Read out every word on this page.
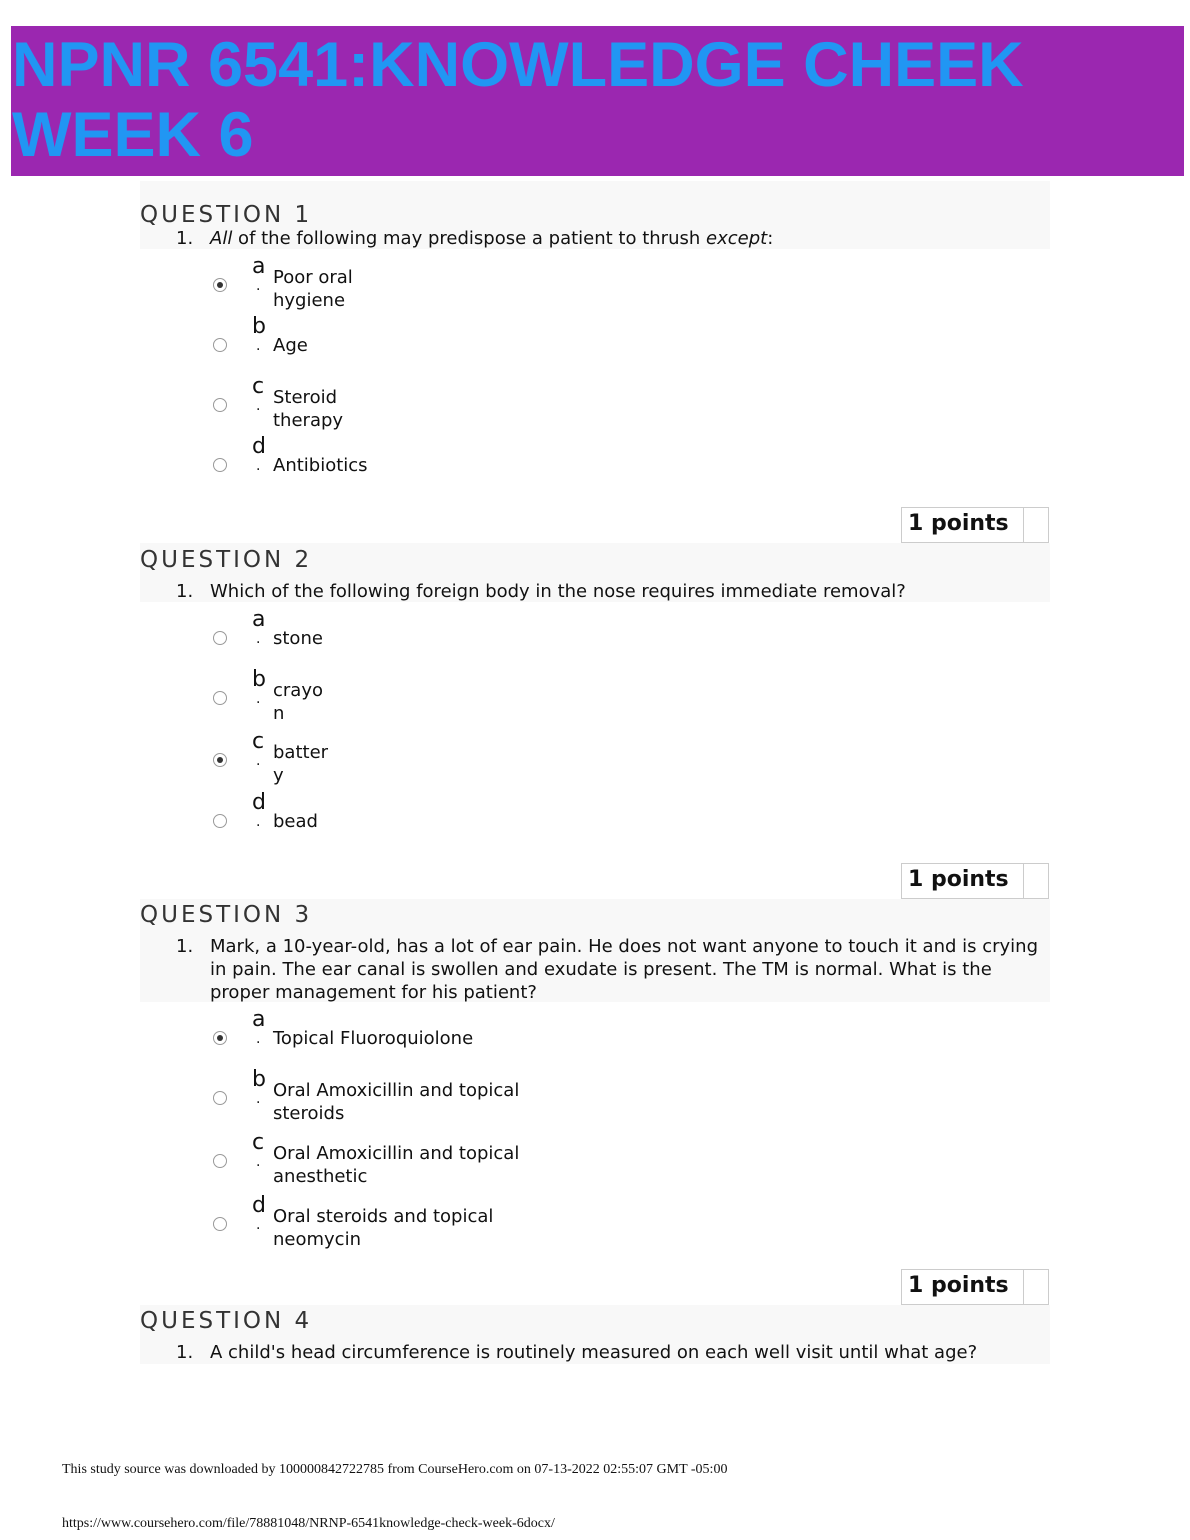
NPNR 6541:KNOWLEDGE CHEEK WEEK 6
QUESTION 1
1. All of the following may predispose a patient to thrush except:
a
. Poor oral
hygiene
b
. Age
c
. Steroid
therapy
d
. Antibiotics
1 points
QUESTION 2
1. Which of the following foreign body in the nose requires immediate removal?
a
. stone
b
. crayo
n
c
. batter
y
d
. bead
1 points
QUESTION 3
1. Mark, a 10-year-old, has a lot of ear pain. He does not want anyone to touch it and is crying in pain. The ear canal is swollen and exudate is present. The TM is normal. What is the proper management for his patient?
a
. Topical Fluoroquiolone
b
. Oral Amoxicillin and topical
steroids
c
. Oral Amoxicillin and topical
anesthetic
d
. Oral steroids and topical
neomycin
1 points
QUESTION 4
1. A child's head circumference is routinely measured on each well visit until what age?
This study source was downloaded by 100000842722785 from CourseHero.com on 07-13-2022 02:55:07 GMT -05:00
https://www.coursehero.com/file/78881048/NRNP-6541knowledge-check-week-6docx/
